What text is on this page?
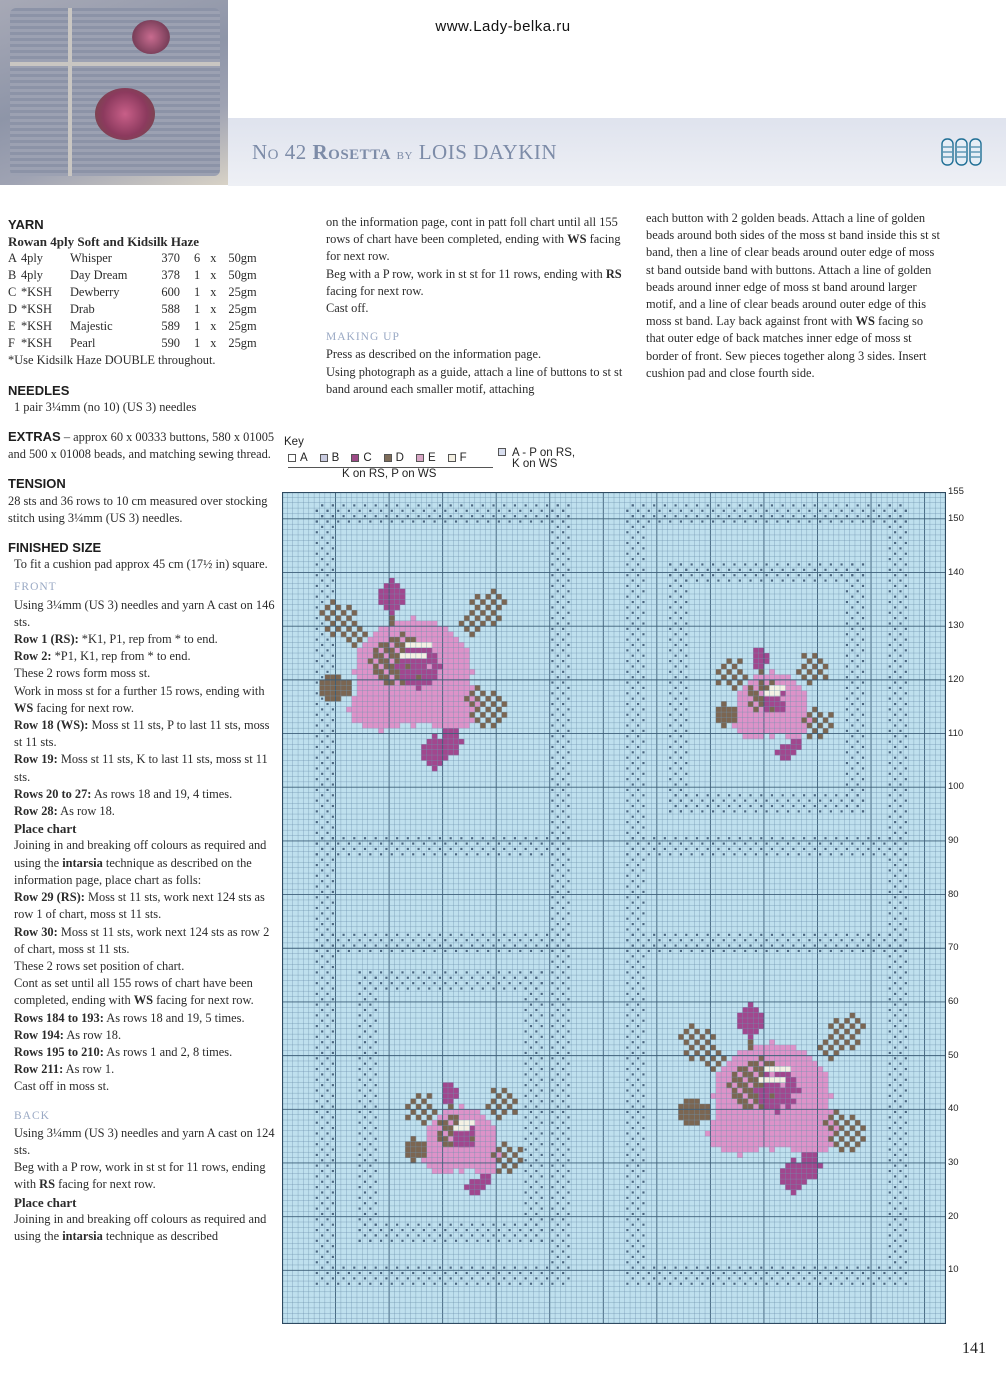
www.Lady-belka.ru
No 42 Rosetta by LOIS DAYKIN
YARN
Rowan 4ply Soft and Kidsilk Haze
A	4ply	Whisper	370	6	x	50gm
B	4ply	Day Dream	378	1	x	50gm
C	*KSH	Dewberry	600	1	x	25gm
D	*KSH	Drab	588	1	x	25gm
E	*KSH	Majestic	589	1	x	25gm
F	*KSH	Pearl	590	1	x	25gm
*Use Kidsilk Haze DOUBLE throughout.
NEEDLES
1 pair 3¼mm (no 10) (US 3) needles
EXTRAS – approx 60 x 00333 buttons, 580 x 01005 and 500 x 01008 beads, and matching sewing thread.
TENSION
28 sts and 36 rows to 10 cm measured over stocking stitch using 3¼mm (US 3) needles.
FINISHED SIZE
To fit a cushion pad approx 45 cm (17½ in) square.
FRONT
Using 3¼mm (US 3) needles and yarn A cast on 146 sts.
Row 1 (RS): *K1, P1, rep from * to end.
Row 2: *P1, K1, rep from * to end.
These 2 rows form moss st.
Work in moss st for a further 15 rows, ending with WS facing for next row.
Row 18 (WS): Moss st 11 sts, P to last 11 sts, moss st 11 sts.
Row 19: Moss st 11 sts, K to last 11 sts, moss st 11 sts.
Rows 20 to 27: As rows 18 and 19, 4 times.
Row 28: As row 18.
Place chart
Joining in and breaking off colours as required and using the intarsia technique as described on the information page, place chart as folls:
Row 29 (RS): Moss st 11 sts, work next 124 sts as row 1 of chart, moss st 11 sts.
Row 30: Moss st 11 sts, work next 124 sts as row 2 of chart, moss st 11 sts.
These 2 rows set position of chart.
Cont as set until all 155 rows of chart have been completed, ending with WS facing for next row.
Rows 184 to 193: As rows 18 and 19, 5 times.
Row 194: As row 18.
Rows 195 to 210: As rows 1 and 2, 8 times.
Row 211: As row 1.
Cast off in moss st.
BACK
Using 3¼mm (US 3) needles and yarn A cast on 124 sts.
Beg with a P row, work in st st for 11 rows, ending with RS facing for next row.
Place chart
Joining in and breaking off colours as required and using the intarsia technique as described
on the information page, cont in patt foll chart until all 155 rows of chart have been completed, ending with WS facing for next row.
Beg with a P row, work in st st for 11 rows, ending with RS facing for next row.
Cast off.
MAKING UP
Press as described on the information page.
Using photograph as a guide, attach a line of buttons to st st band around each smaller motif, attaching
each button with 2 golden beads. Attach a line of golden beads around both sides of the moss st band inside this st st band, then a line of clear beads around outer edge of moss st band outside band with buttons. Attach a line of golden beads around inner edge of moss st band around larger motif, and a line of clear beads around outer edge of this moss st band. Lay back against front with WS facing so that outer edge of back matches inner edge of moss st border of front. Sew pieces together along 3 sides. Insert cushion pad and close fourth side.
Key
A B C D E F
K on RS, P on WS
A - P on RS,
K on WS
155
150
140
130
120
110
100
90
80
70
60
50
40
30
20
10
141
